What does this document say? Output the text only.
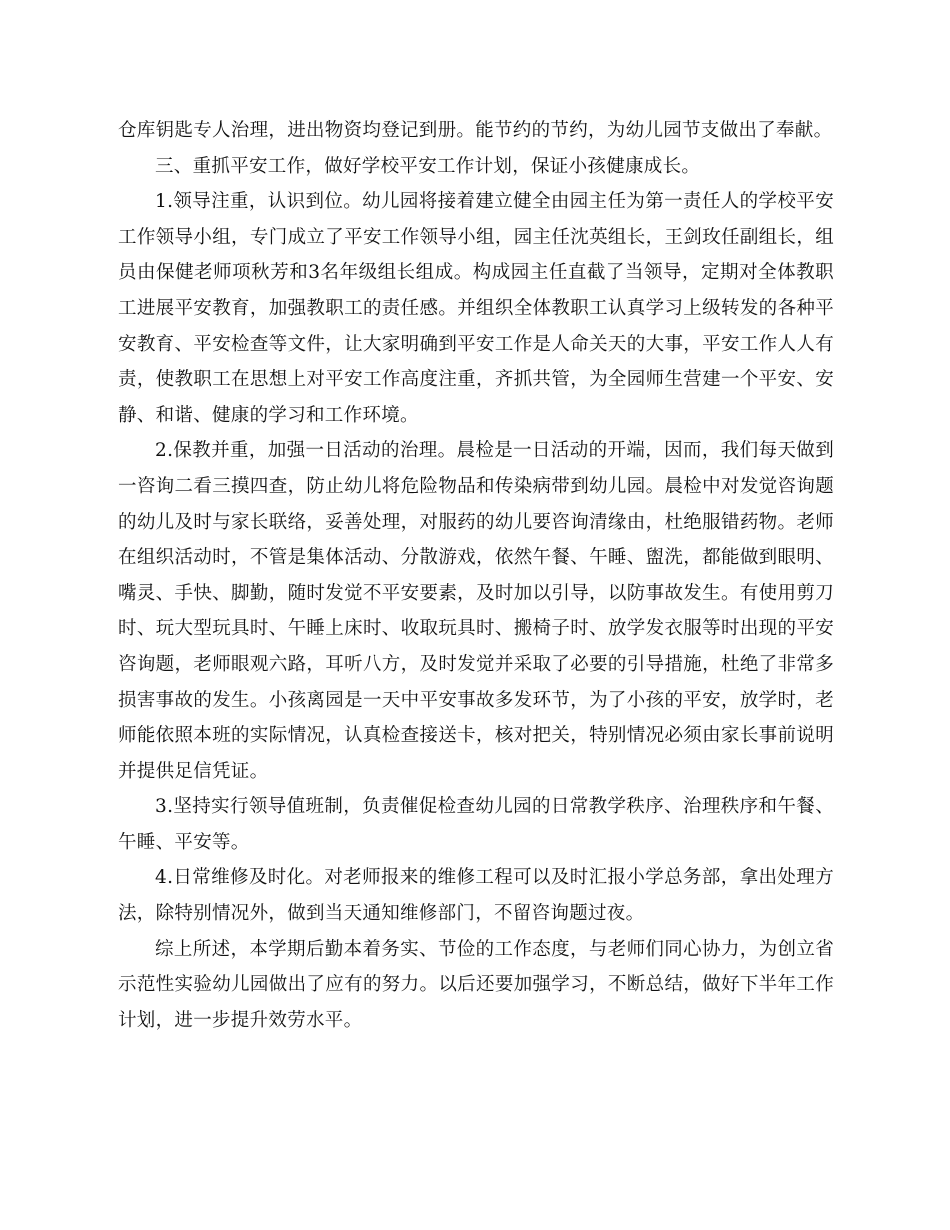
仓库钥匙专人治理，进出物资均登记到册。能节约的节约，为幼儿园节支做出了奉献。

三、重抓平安工作，做好学校平安工作计划，保证小孩健康成长。

1.领导注重，认识到位。幼儿园将接着建立健全由园主任为第一责任人的学校平安工作领导小组，专门成立了平安工作领导小组，园主任沈英组长，王剑玫任副组长，组员由保健老师项秋芳和3名年级组长组成。构成园主任直截了当领导，定期对全体教职工进展平安教育，加强教职工的责任感。并组织全体教职工认真学习上级转发的各种平安教育、平安检查等文件，让大家明确到平安工作是人命关天的大事，平安工作人人有责，使教职工在思想上对平安工作高度注重，齐抓共管，为全园师生营建一个平安、安静、和谐、健康的学习和工作环境。

2.保教并重，加强一日活动的治理。晨检是一日活动的开端，因而，我们每天做到一咨询二看三摸四查，防止幼儿将危险物品和传染病带到幼儿园。晨检中对发觉咨询题的幼儿及时与家长联络，妥善处理，对服药的幼儿要咨询清缘由，杜绝服错药物。老师在组织活动时，不管是集体活动、分散游戏，依然午餐、午睡、盥洗，都能做到眼明、嘴灵、手快、脚勤，随时发觉不平安要素，及时加以引导，以防事故发生。有使用剪刀时、玩大型玩具时、午睡上床时、收取玩具时、搬椅子时、放学发衣服等时出现的平安咨询题，老师眼观六路，耳听八方，及时发觉并采取了必要的引导措施，杜绝了非常多损害事故的发生。小孩离园是一天中平安事故多发环节，为了小孩的平安，放学时，老师能依照本班的实际情况，认真检查接送卡，核对把关，特别情况必须由家长事前说明并提供足信凭证。

3.坚持实行领导值班制，负责催促检查幼儿园的日常教学秩序、治理秩序和午餐、午睡、平安等。

4.日常维修及时化。对老师报来的维修工程可以及时汇报小学总务部，拿出处理方法，除特别情况外，做到当天通知维修部门，不留咨询题过夜。

综上所述，本学期后勤本着务实、节俭的工作态度，与老师们同心协力，为创立省示范性实验幼儿园做出了应有的努力。以后还要加强学习，不断总结，做好下半年工作计划，进一步提升效劳水平。
